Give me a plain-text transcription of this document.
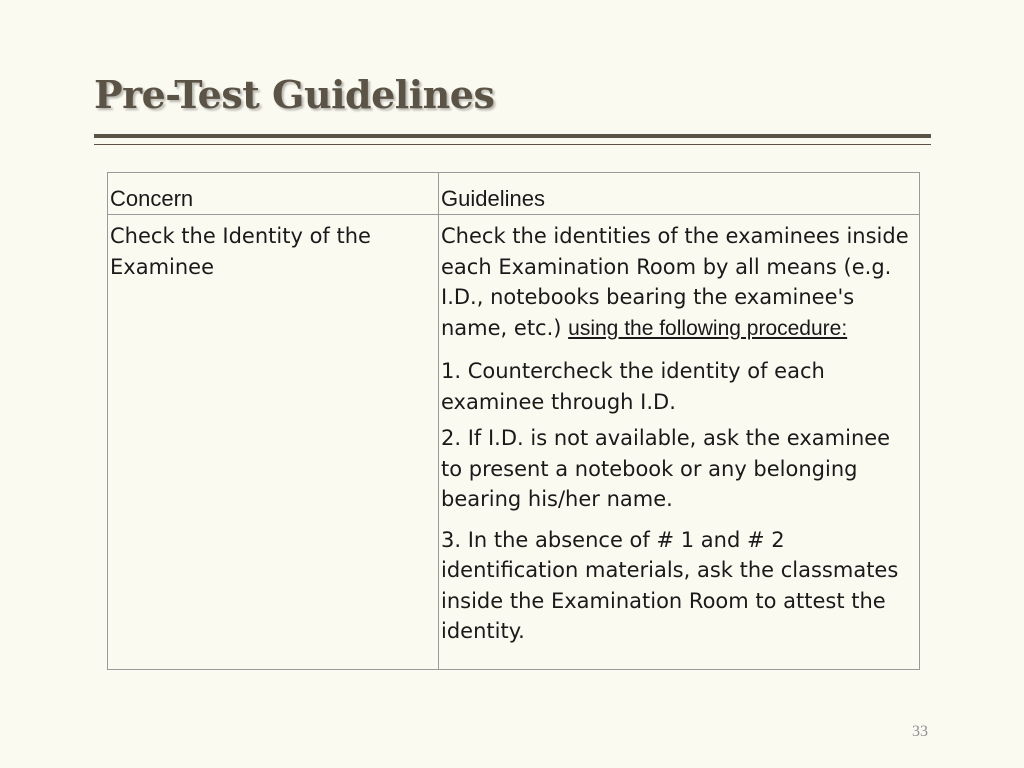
Pre-Test Guidelines
Concern	Guidelines
Check the Identity of the Examinee	Check the identities of the examinees inside each Examination Room by all means (e.g. I.D., notebooks bearing the examinee's name, etc.) using the following procedure:

1. Countercheck the identity of each examinee through I.D.

2. If I.D. is not available, ask the examinee to present a notebook or any belonging bearing his/her name.

3. In the absence of # 1 and # 2 identification materials, ask the classmates inside the Examination Room to attest the identity.

33
